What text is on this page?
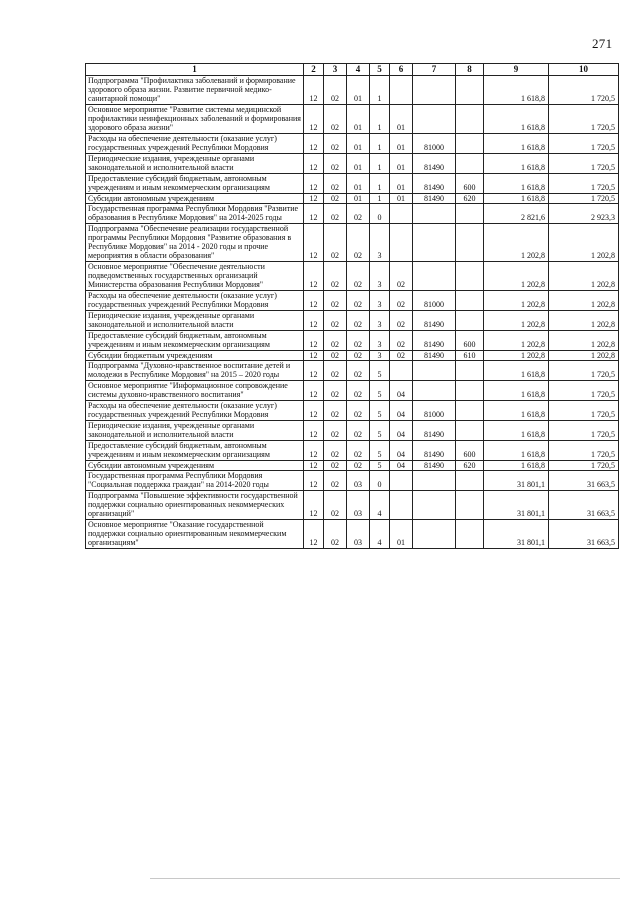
271
1	2	3	4	5	6	7	8	9	10
Подпрограмма "Профилактика заболеваний и формирование здорового образа жизни. Развитие первичной медико-санитарной помощи"	12	02	01	1				1 618,8	1 720,5
Основное мероприятие "Развитие системы медицинской профилактики неинфекционных заболеваний и формирования здорового образа жизни"	12	02	01	1	01			1 618,8	1 720,5
Расходы на обеспечение деятельности (оказание услуг) государственных учреждений Республики Мордовия	12	02	01	1	01	81000		1 618,8	1 720,5
Периодические издания, учрежденные органами законодательной и исполнительной власти	12	02	01	1	01	81490		1 618,8	1 720,5
Предоставление субсидий бюджетным, автономным учреждениям и иным некоммерческим организациям	12	02	01	1	01	81490	600	1 618,8	1 720,5
Субсидии автономным учреждениям	12	02	01	1	01	81490	620	1 618,8	1 720,5
Государственная программа Республики Мордовия "Развитие образования в Республике Мордовия" на 2014-2025 годы	12	02	02	0				2 821,6	2 923,3
Подпрограмма "Обеспечение реализации государственной программы Республики Мордовия "Развитие образования в Республике Мордовия" на 2014 - 2020 годы и прочие мероприятия в области образования"	12	02	02	3				1 202,8	1 202,8
Основное мероприятие "Обеспечение деятельности подведомственных государственных организаций Министерства образования Республики Мордовия"	12	02	02	3	02			1 202,8	1 202,8
Расходы на обеспечение деятельности (оказание услуг) государственных учреждений Республики Мордовия	12	02	02	3	02	81000		1 202,8	1 202,8
Периодические издания, учрежденные органами законодательной и исполнительной власти	12	02	02	3	02	81490		1 202,8	1 202,8
Предоставление субсидий бюджетным, автономным учреждениям и иным некоммерческим организациям	12	02	02	3	02	81490	600	1 202,8	1 202,8
Субсидии бюджетным учреждениям	12	02	02	3	02	81490	610	1 202,8	1 202,8
Подпрограмма "Духовно-нравственное воспитание детей и молодежи в Республике Мордовия" на 2015 – 2020 годы	12	02	02	5				1 618,8	1 720,5
Основное мероприятие "Информационное сопровождение системы духовно-нравственного воспитания"	12	02	02	5	04			1 618,8	1 720,5
Расходы на обеспечение деятельности (оказание услуг) государственных учреждений Республики Мордовия	12	02	02	5	04	81000		1 618,8	1 720,5
Периодические издания, учрежденные органами законодательной и исполнительной власти	12	02	02	5	04	81490		1 618,8	1 720,5
Предоставление субсидий бюджетным, автономным учреждениям и иным некоммерческим организациям	12	02	02	5	04	81490	600	1 618,8	1 720,5
Субсидии автономным учреждениям	12	02	02	5	04	81490	620	1 618,8	1 720,5
Государственная программа Республики Мордовия "Социальная поддержка граждан" на 2014-2020 годы	12	02	03	0				31 801,1	31 663,5
Подпрограмма "Повышение эффективности государственной поддержки социально ориентированных некоммерческих организаций"	12	02	03	4				31 801,1	31 663,5
Основное мероприятие "Оказание государственной поддержки социально ориентированным некоммерческим организациям"	12	02	03	4	01			31 801,1	31 663,5
